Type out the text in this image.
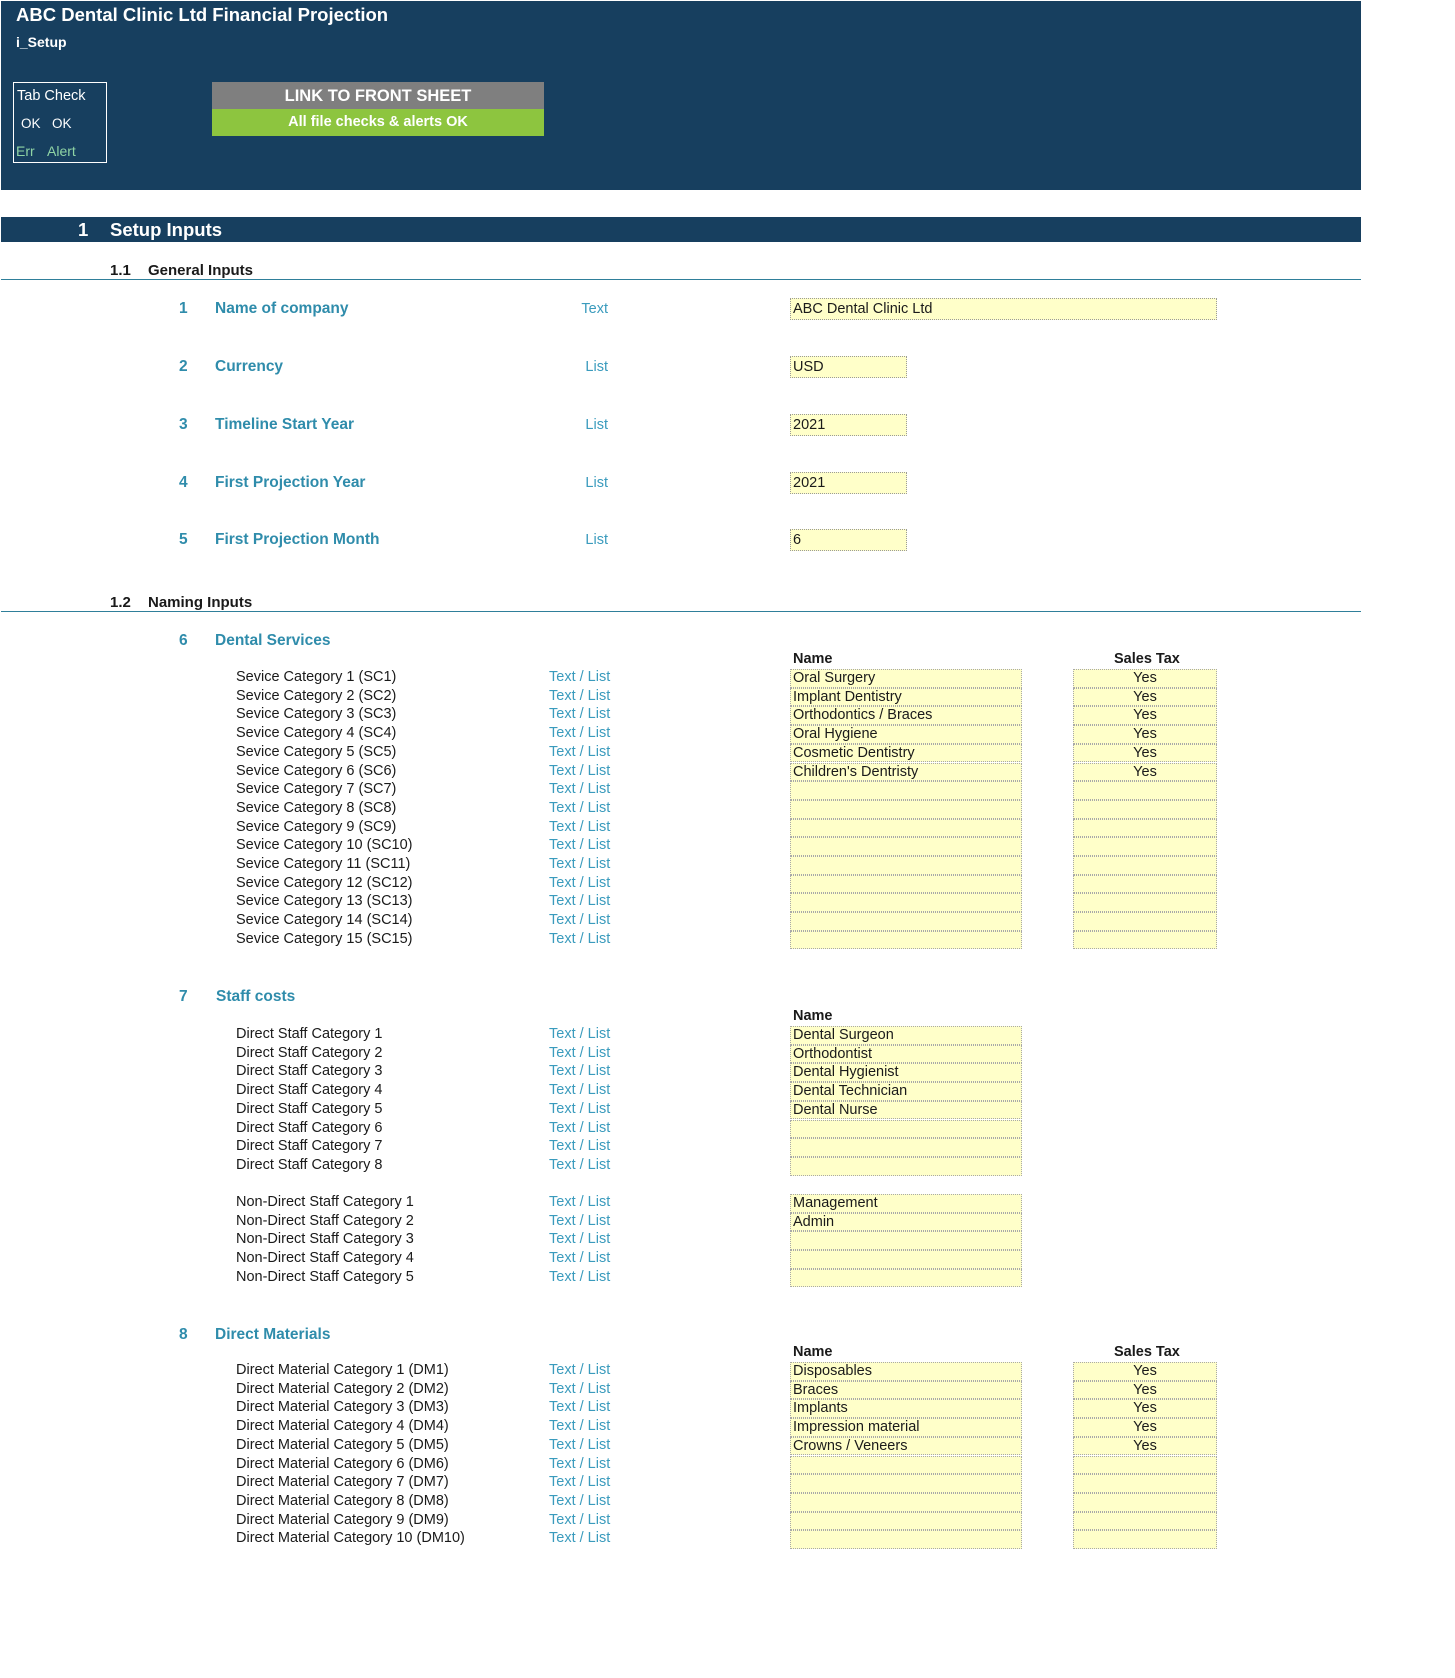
ABC Dental Clinic Ltd Financial Projection
i_Setup
Tab Check
OK OK
Err Alert
LINK TO FRONT SHEET
All file checks & alerts OK
1 Setup Inputs
1.1 General Inputs
1 Name of company	Text	ABC Dental Clinic Ltd
2 Currency	List	USD
3 Timeline Start Year	List	2021
4 First Projection Year	List	2021
5 First Projection Month	List	6
1.2 Naming Inputs
6 Dental Services
Name	Sales Tax
Sevice Category 1 (SC1)	Text / List	Oral Surgery	Yes
Sevice Category 2 (SC2)	Text / List	Implant Dentistry	Yes
Sevice Category 3 (SC3)	Text / List	Orthodontics / Braces	Yes
Sevice Category 4 (SC4)	Text / List	Oral Hygiene	Yes
Sevice Category 5 (SC5)	Text / List	Cosmetic Dentistry	Yes
Sevice Category 6 (SC6)	Text / List	Children's Dentristy	Yes
Sevice Category 7 (SC7)	Text / List
Sevice Category 8 (SC8)	Text / List
Sevice Category 9 (SC9)	Text / List
Sevice Category 10 (SC10)	Text / List
Sevice Category 11 (SC11)	Text / List
Sevice Category 12 (SC12)	Text / List
Sevice Category 13 (SC13)	Text / List
Sevice Category 14 (SC14)	Text / List
Sevice Category 15 (SC15)	Text / List
7 Staff costs
Name
Direct Staff Category 1	Text / List	Dental Surgeon
Direct Staff Category 2	Text / List	Orthodontist
Direct Staff Category 3	Text / List	Dental Hygienist
Direct Staff Category 4	Text / List	Dental Technician
Direct Staff Category 5	Text / List	Dental Nurse
Direct Staff Category 6	Text / List
Direct Staff Category 7	Text / List
Direct Staff Category 8	Text / List
Non-Direct Staff Category 1	Text / List	Management
Non-Direct Staff Category 2	Text / List	Admin
Non-Direct Staff Category 3	Text / List
Non-Direct Staff Category 4	Text / List
Non-Direct Staff Category 5	Text / List
8 Direct Materials
Name	Sales Tax
Direct Material Category 1 (DM1)	Text / List	Disposables	Yes
Direct Material Category 2 (DM2)	Text / List	Braces	Yes
Direct Material Category 3 (DM3)	Text / List	Implants	Yes
Direct Material Category 4 (DM4)	Text / List	Impression material	Yes
Direct Material Category 5 (DM5)	Text / List	Crowns / Veneers	Yes
Direct Material Category 6 (DM6)	Text / List
Direct Material Category 7 (DM7)	Text / List
Direct Material Category 8 (DM8)	Text / List
Direct Material Category 9 (DM9)	Text / List
Direct Material Category 10 (DM10)	Text / List
